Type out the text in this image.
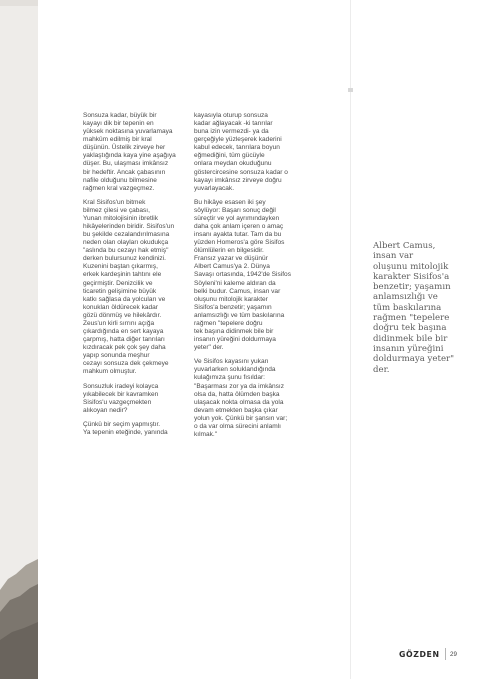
Sonsuza kadar, büyük bir
kayayı dik bir tepenin en
yüksek noktasına yuvarlamaya
mahkûm edilmiş bir kral
düşünün. Üstelik zirveye her
yaklaştığında kaya yine aşağıya
düşer. Bu, ulaşması imkânsız
bir hedeftir. Ancak çabasının
nafile olduğunu bilmesine
rağmen kral vazgeçmez.

Kral Sisifos'un bitmek
bilmez çilesi ve çabası,
Yunan mitolojisinin ibretlik
hikâyelerinden biridir. Sisifos'un
bu şekilde cezalandırılmasına
neden olan olayları okudukça
"aslında bu cezayı hak etmiş"
derken bulursunuz kendinizi.
Kuzenini baştan çıkarmış,
erkek kardeşinin tahtını ele
geçirmiştir. Denizcilik ve
ticaretin gelişimine büyük
katkı sağlasa da yolcuları ve
konukları öldürecek kadar
gözü dönmüş ve hilekârdır.
Zeus'un kirli sırrını açığa
çıkardığında en sert kayaya
çarpmış, hatta diğer tanrıları
kızdıracak pek çok şey daha
yapıp sonunda meşhur
cezayı sonsuza dek çekmeye
mahkum olmuştur.

Sonsuzluk iradeyi kolayca
yıkabilecek bir kavramken
Sisifos'u vazgeçmekten
alıkoyan nedir?

Çünkü bir seçim yapmıştır.
Ya tepenin eteğinde, yanında

kayasıyla oturup sonsuza
kadar ağlayacak -ki tanrılar
buna izin vermezdi- ya da
gerçeğiyle yüzleşerek kaderini
kabul edecek, tanrılara boyun
eğmediğini, tüm gücüyle
onlara meydan okuduğunu
göstercircesine sonsuza kadar o
kayayı imkânsız zirveye doğru
yuvarlayacak.

Bu hikâye esasen iki şey
söylüyor: Başarı sonuç değil
süreçtir ve yol ayrımındayken
daha çok anlam içeren o amaç
insanı ayakta tutar. Tam da bu
yüzden Homeros'a göre Sisifos
ölümlülerin en bilgesidir.
Fransız yazar ve düşünür
Albert Camus'ya 2. Dünya
Savaşı ortasında, 1942'de Sisifos
Söyleni'ni kaleme aldıran da
belki budur. Camus, insan var
oluşunu mitolojik karakter
Sisifos'a benzetir; yaşamın
anlamsızlığı ve tüm baskılarına
rağmen "tepelere doğru
tek başına didinmek bile bir
insanın yüreğini doldurmaya
yeter" der.

Ve Sisifos kayasını yukarı
yuvarlarken soluklandığında
kulağımıza şunu fısıldar:
"Başarması zor ya da imkânsız
olsa da, hatta ölümden başka
ulaşacak nokta olmasa da yola
devam etmekten başka çıkar
yolun yok. Çünkü bir şansın var;
o da var olma sürecini anlamlı
kılmak."

Albert Camus,
insan var
oluşunu mitolojik
karakter Sisifos'a
benzetir; yaşamın
anlamsızlığı ve
tüm baskılarına
rağmen "tepelere
doğru tek başına
didinmek bile bir
insanın yüreğini
doldurmaya yeter"
der.
GÖZDEN 29
